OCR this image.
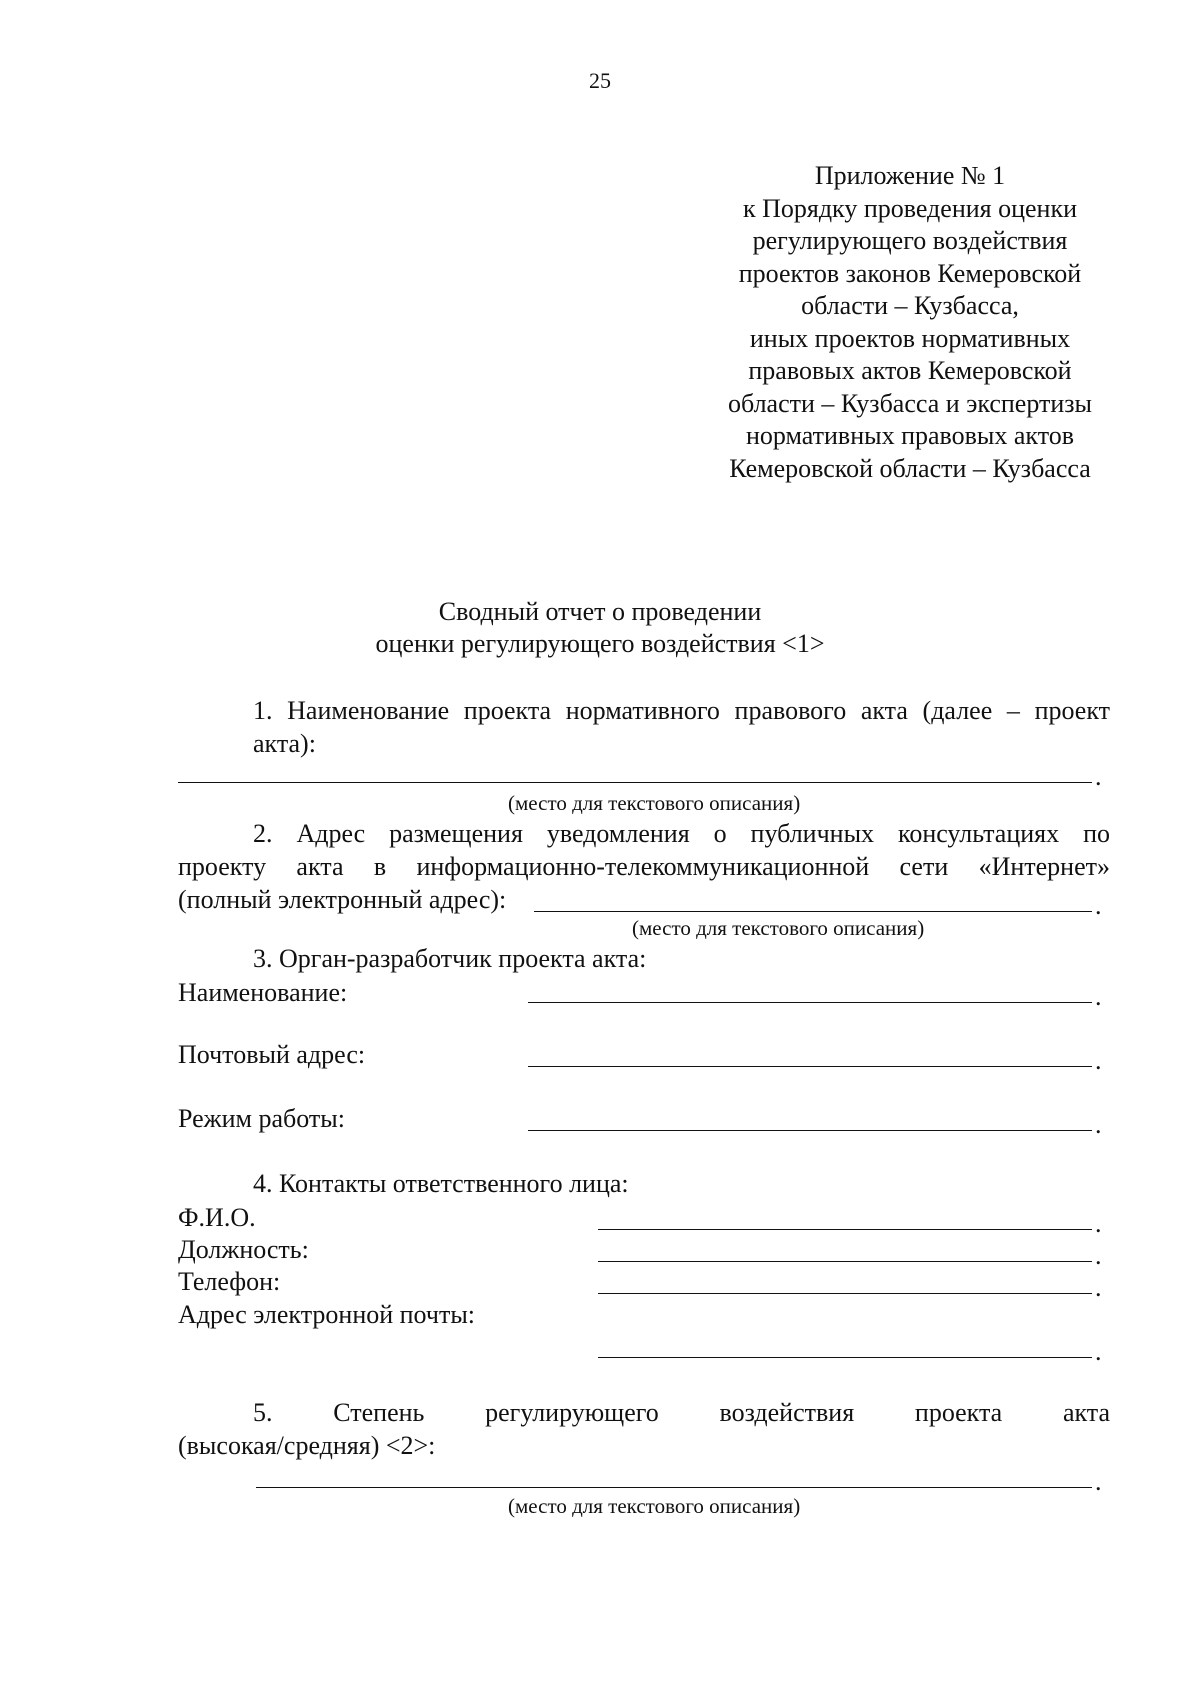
25
Приложение № 1
к Порядку проведения оценки
регулирующего воздействия
проектов законов Кемеровской
области – Кузбасса,
иных проектов нормативных
правовых актов Кемеровской
области – Кузбасса и экспертизы
нормативных правовых актов
Кемеровской области – Кузбасса
Сводный отчет о проведении
оценки регулирующего воздействия <1>
1. Наименование проекта нормативного правового акта (далее – проект акта):
.
(место для текстового описания)
2. Адрес размещения уведомления о публичных консультациях по
проекту акта в информационно-телекоммуникационной сети «Интернет»
(полный электронный адрес):	.
(место для текстового описания)
3. Орган-разработчик проекта акта:
Наименование:	.
Почтовый адрес:	.
Режим работы:	.
4. Контакты ответственного лица:
Ф.И.О.	.
Должность:	.
Телефон:	.
Адрес электронной почты:
.
5. Степень регулирующего воздействия проекта акта
(высокая/средняя) <2>:
.
(место для текстового описания)
